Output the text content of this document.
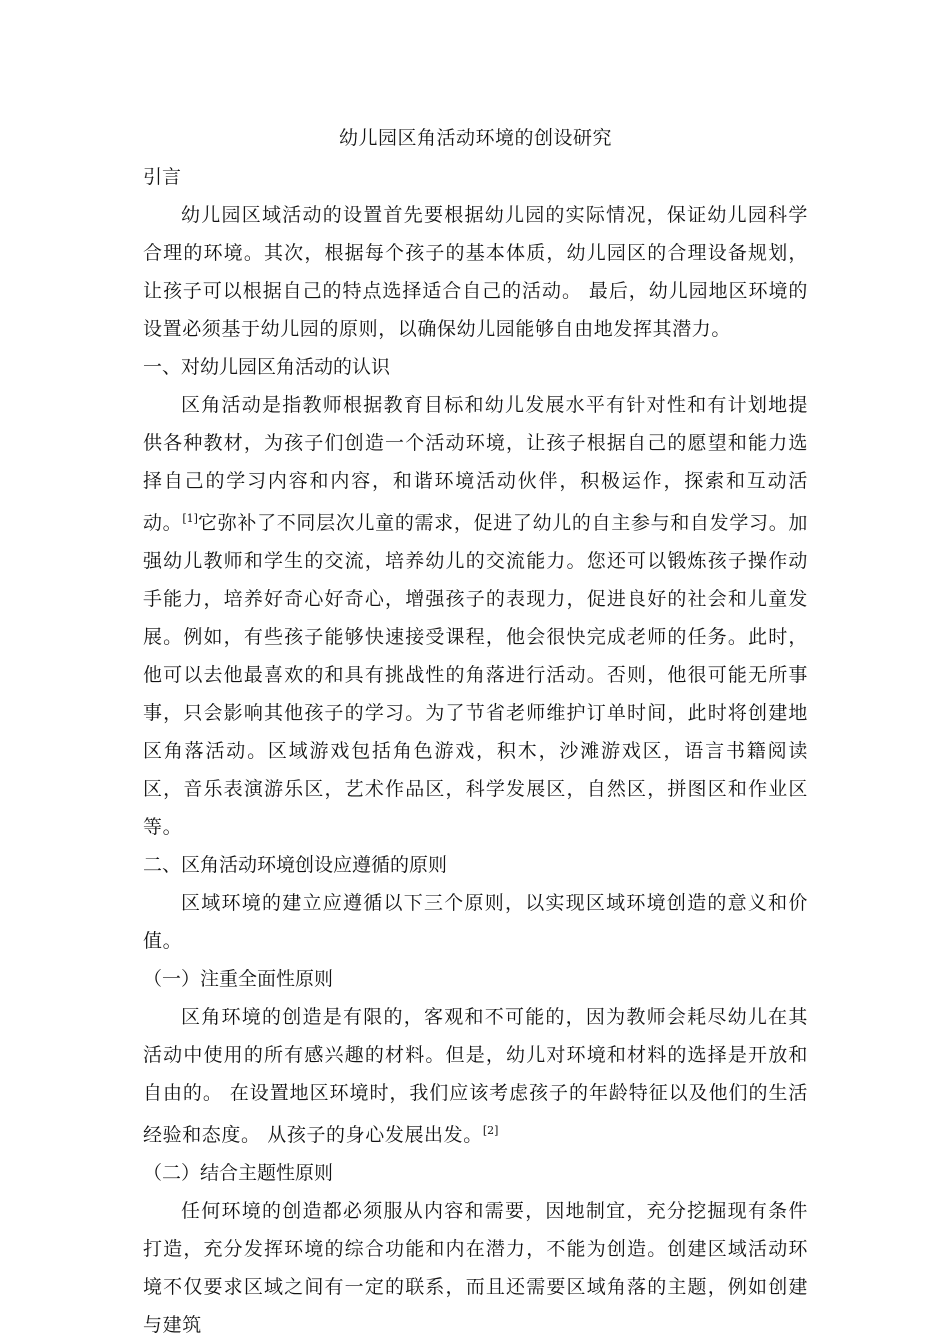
幼儿园区角活动环境的创设研究

引言

幼儿园区域活动的设置首先要根据幼儿园的实际情况，保证幼儿园科学合理的环境。其次，根据每个孩子的基本体质，幼儿园区的合理设备规划，让孩子可以根据自己的特点选择适合自己的活动。 最后，幼儿园地区环境的设置必须基于幼儿园的原则，以确保幼儿园能够自由地发挥其潜力。

一、对幼儿园区角活动的认识

区角活动是指教师根据教育目标和幼儿发展水平有针对性和有计划地提供各种教材，为孩子们创造一个活动环境，让孩子根据自己的愿望和能力选择自己的学习内容和内容，和谐环境活动伙伴，积极运作，探索和互动活动。[1]它弥补了不同层次儿童的需求，促进了幼儿的自主参与和自发学习。加强幼儿教师和学生的交流，培养幼儿的交流能力。您还可以锻炼孩子操作动手能力，培养好奇心好奇心，增强孩子的表现力，促进良好的社会和儿童发展。例如，有些孩子能够快速接受课程，他会很快完成老师的任务。此时，他可以去他最喜欢的和具有挑战性的角落进行活动。否则，他很可能无所事事，只会影响其他孩子的学习。为了节省老师维护订单时间，此时将创建地区角落活动。区域游戏包括角色游戏，积木，沙滩游戏区，语言书籍阅读区，音乐表演游乐区，艺术作品区，科学发展区，自然区，拼图区和作业区等。

二、区角活动环境创设应遵循的原则

区域环境的建立应遵循以下三个原则，以实现区域环境创造的意义和价值。

（一）注重全面性原则

区角环境的创造是有限的，客观和不可能的，因为教师会耗尽幼儿在其活动中使用的所有感兴趣的材料。但是，幼儿对环境和材料的选择是开放和自由的。 在设置地区环境时，我们应该考虑孩子的年龄特征以及他们的生活经验和态度。 从孩子的身心发展出发。[2]

（二）结合主题性原则

任何环境的创造都必须服从内容和需要，因地制宜，充分挖掘现有条件打造，充分发挥环境的综合功能和内在潜力，不能为创造。创建区域活动环境不仅要求区域之间有一定的联系，而且还需要区域角落的主题，例如创建与建筑
